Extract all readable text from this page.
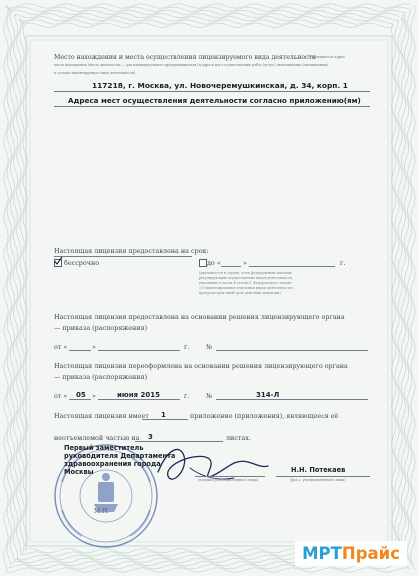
Место нахождения и места осуществления лицензируемого вида деятельности
(указывается адрес
места нахождения (место жительства — для индивидуального предпринимателя) и адреса мест осуществления работ (услуг), выполняемых (оказываемых)
в составе лицензируемого вида деятельности)
117218, г. Москва, ул. Новочеремушкинская, д. 34, корп. 1
Адреса мест осуществления деятельности согласно приложению(ям)
Настоящая лицензия предоставлена на срок:
бессрочно	до «	»	г.
(указывается в случае, если федеральным законом,
регулирующим осуществление видов деятельности,
указанных в части 4 статьи 1 Федерального закона
«О лицензировании отдельных видов деятельности»,
предусмотрен иной срок действия лицензии)
Настоящая лицензия предоставлена на основании решения лицензирующего органа
— приказа (распоряжения)
от «	»	г.	№
Настоящая лицензия переоформлена на основании решения лицензирующего органа
— приказа (распоряжения)
от « 05 »	июня 2015	г.	№	314-Л
Настоящая лицензия имеет 1	приложение (приложения), являющееся её
неотъемлемой частью на 3	листах.
Первый заместитель
руководителя Департамента
здравоохранения города
Москвы
(подпись уполномоченного лица)
Н.Н. Потекаев
(ф.и.о. уполномоченного лица)
М.П.
МРТ Прайс
